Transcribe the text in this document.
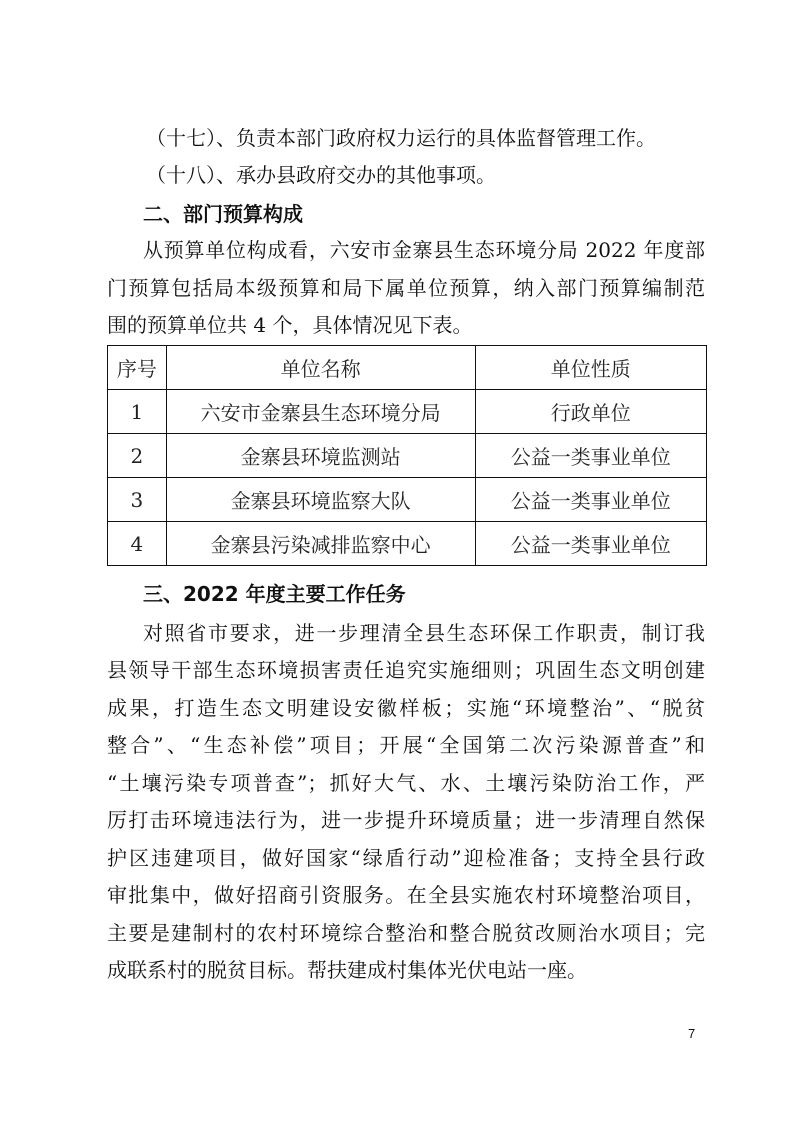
（十七）、负责本部门政府权力运行的具体监督管理工作。

（十八）、承办县政府交办的其他事项。

二、部门预算构成

从预算单位构成看，六安市金寨县生态环境分局 2022 年度部

门预算包括局本级预算和局下属单位预算，纳入部门预算编制范

围的预算单位共 4 个，具体情况见下表。

序号	单位名称	单位性质
1	六安市金寨县生态环境分局	行政单位
2	金寨县环境监测站	公益一类事业单位
3	金寨县环境监察大队	公益一类事业单位
4	金寨县污染减排监察中心	公益一类事业单位

三、2022 年度主要工作任务

对照省市要求，进一步理清全县生态环保工作职责，制订我

县领导干部生态环境损害责任追究实施细则；巩固生态文明创建

成果，打造生态文明建设安徽样板；实施“环境整治”、“脱贫

整合”、“生态补偿”项目；开展“全国第二次污染源普查”和

“土壤污染专项普查”；抓好大气、水、土壤污染防治工作，严

厉打击环境违法行为，进一步提升环境质量；进一步清理自然保

护区违建项目，做好国家“绿盾行动”迎检准备；支持全县行政

审批集中，做好招商引资服务。在全县实施农村环境整治项目，

主要是建制村的农村环境综合整治和整合脱贫改厕治水项目；完

成联系村的脱贫目标。帮扶建成村集体光伏电站一座。

7
